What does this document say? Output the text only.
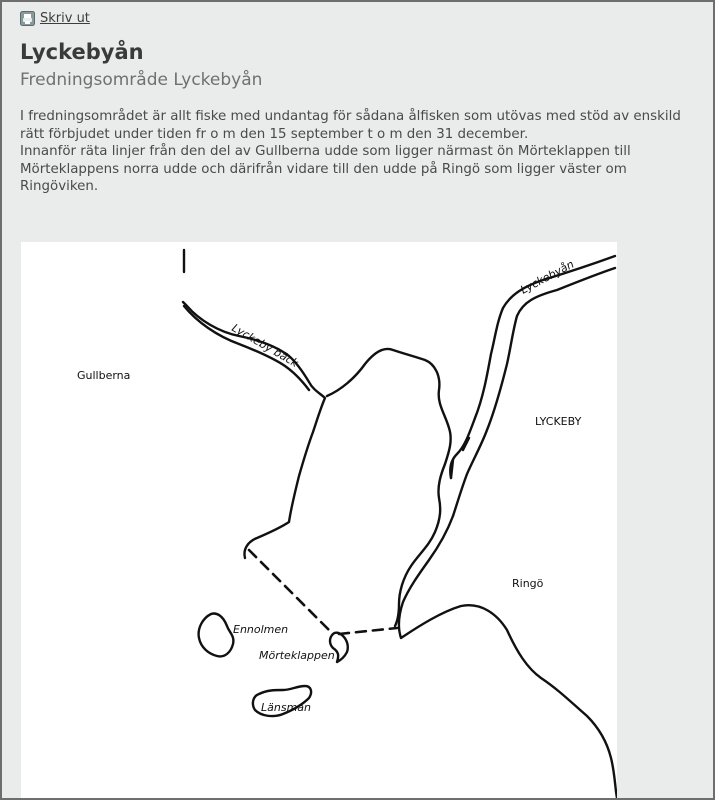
Skriv ut
Lyckebyån
Fredningsområde Lyckebyån

I fredningsområdet är allt fiske med undantag för sådana ålfisken som utövas med stöd av enskild rätt förbjudet under tiden fr o m den 15 september t o m den 31 december.

Innanför räta linjer från den del av Gullberna udde som ligger närmast ön Mörteklappen till Mörteklappens norra udde och därifrån vidare till den udde på Ringö som ligger väster om Ringöviken.

Gullberna
LYCKEBY
Ringö
Ennolmen
Mörteklappen
Länsman
Lyckeby bäck
Lyckebyån
